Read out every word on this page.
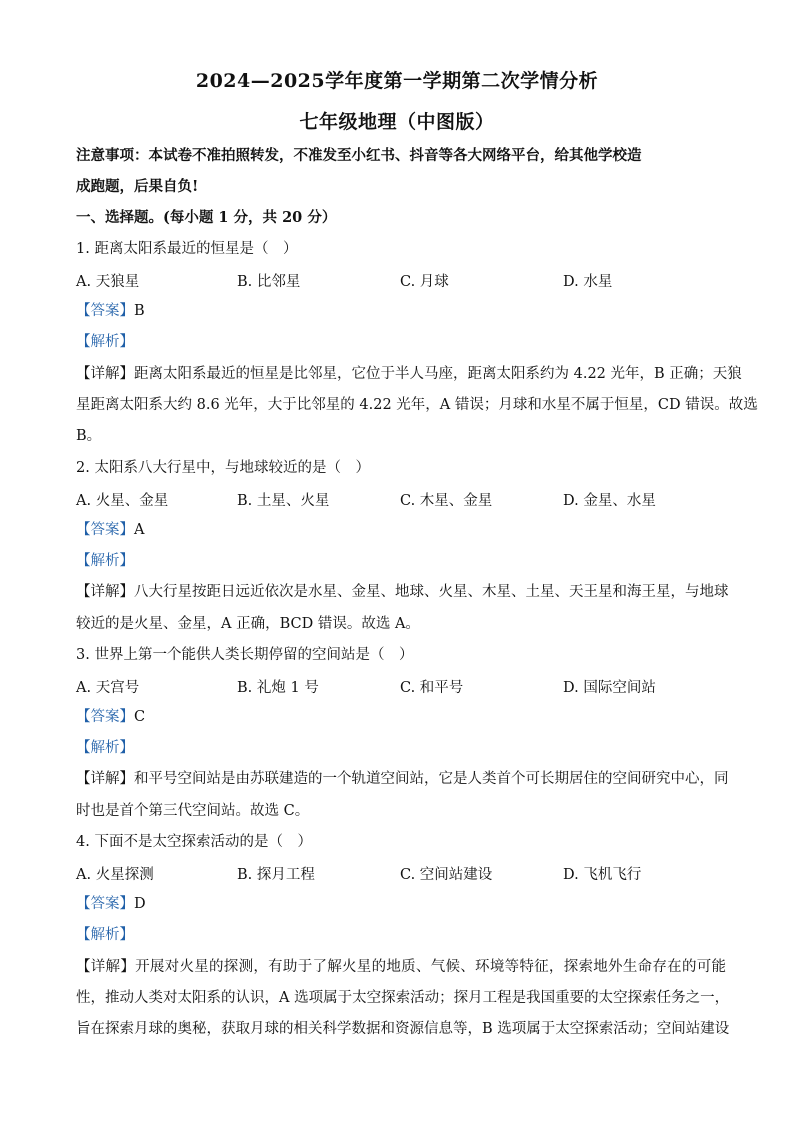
2024—2025学年度第一学期第二次学情分析
七年级地理（中图版）
注意事项：本试卷不准拍照转发，不准发至小红书、抖音等各大网络平台，给其他学校造
成跑题，后果自负!
一、选择题。(每小题 1 分，共 20 分）
1. 距离太阳系最近的恒星是（　）
A. 天狼星	B. 比邻星	C. 月球	D. 水星
【答案】B
【解析】
【详解】距离太阳系最近的恒星是比邻星，它位于半人马座，距离太阳系约为 4.22 光年，B 正确；天狼
星距离太阳系大约 8.6 光年，大于比邻星的 4.22 光年，A 错误；月球和水星不属于恒星，CD 错误。故选
B。
2. 太阳系八大行星中，与地球较近的是（　）
A. 火星、金星	B. 土星、火星	C. 木星、金星	D. 金星、水星
【答案】A
【解析】
【详解】八大行星按距日远近依次是水星、金星、地球、火星、木星、土星、天王星和海王星，与地球
较近的是火星、金星，A 正确，BCD 错误。故选 A。
3. 世界上第一个能供人类长期停留的空间站是（　）
A. 天宫号	B. 礼炮 1 号	C. 和平号	D. 国际空间站
【答案】C
【解析】
【详解】和平号空间站是由苏联建造的一个轨道空间站，它是人类首个可长期居住的空间研究中心，同
时也是首个第三代空间站。故选 C。
4. 下面不是太空探索活动的是（　）
A. 火星探测	B. 探月工程	C. 空间站建设	D. 飞机飞行
【答案】D
【解析】
【详解】开展对火星的探测，有助于了解火星的地质、气候、环境等特征，探索地外生命存在的可能
性，推动人类对太阳系的认识，A 选项属于太空探索活动；探月工程是我国重要的太空探索任务之一，
旨在探索月球的奥秘，获取月球的相关科学数据和资源信息等，B 选项属于太空探索活动；空间站建设
